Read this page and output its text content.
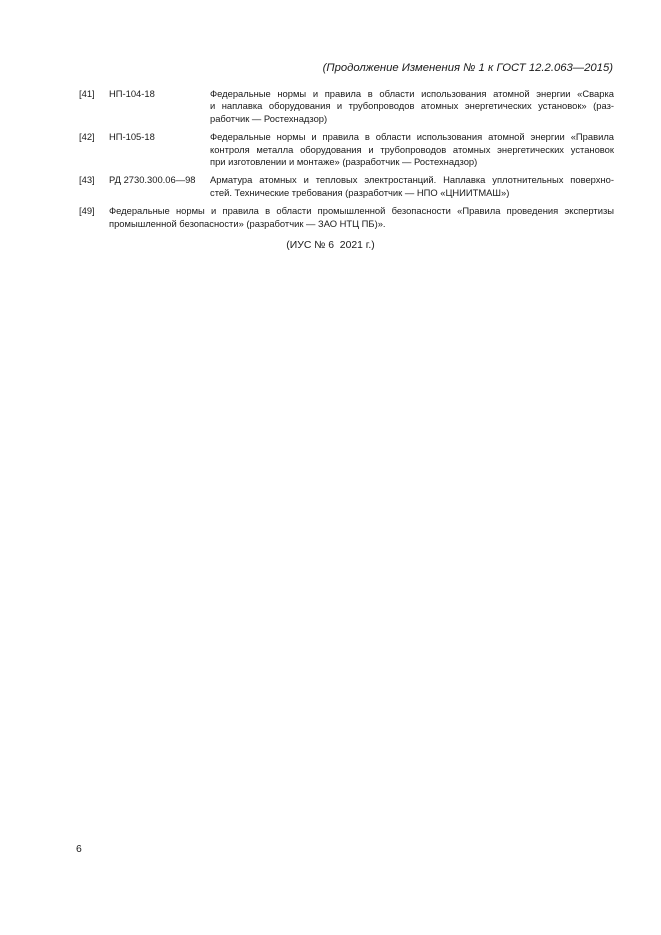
(Продолжение Изменения № 1 к ГОСТ 12.2.063—2015)
[41] НП-104-18	Федеральные нормы и правила в области использования атомной энергии «Сварка
и наплавка оборудования и трубопроводов атомных энергетических установок» (раз-
работчик — Ростехнадзор)
[42] НП-105-18	Федеральные нормы и правила в области использования атомной энергии «Правила
контроля металла оборудования и трубопроводов атомных энергетических установок
при изготовлении и монтаже» (разработчик — Ростехнадзор)
[43] РД 2730.300.06—98 Арматура атомных и тепловых электростанций. Наплавка уплотнительных поверхно-
стей. Технические требования (разработчик — НПО «ЦНИИТМАШ»)
[49] Федеральные нормы и правила в области промышленной безопасности «Правила проведения экспертизы
промышленной безопасности» (разработчик — ЗАО НТЦ ПБ)».
(ИУС № 6  2021 г.)
6
